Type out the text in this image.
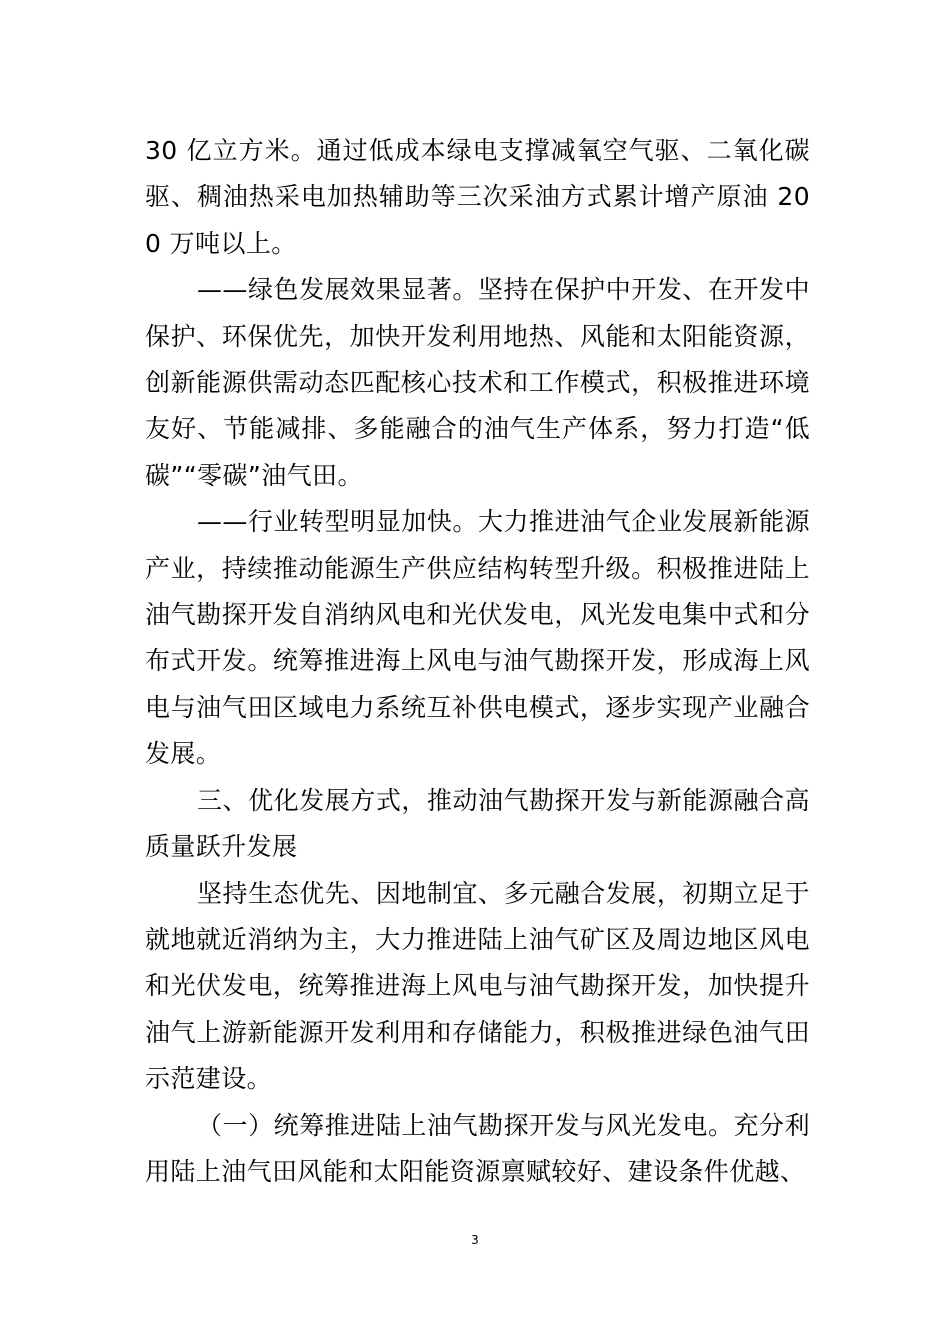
30 亿立方米。通过低成本绿电支撑减氧空气驱、二氧化碳驱、稠油热采电加热辅助等三次采油方式累计增产原油 200 万吨以上。

——绿色发展效果显著。坚持在保护中开发、在开发中保护、环保优先，加快开发利用地热、风能和太阳能资源，创新能源供需动态匹配核心技术和工作模式，积极推进环境友好、节能减排、多能融合的油气生产体系，努力打造“低碳”“零碳”油气田。

——行业转型明显加快。大力推进油气企业发展新能源产业，持续推动能源生产供应结构转型升级。积极推进陆上油气勘探开发自消纳风电和光伏发电，风光发电集中式和分布式开发。统筹推进海上风电与油气勘探开发，形成海上风电与油气田区域电力系统互补供电模式，逐步实现产业融合发展。

三、优化发展方式，推动油气勘探开发与新能源融合高质量跃升发展

坚持生态优先、因地制宜、多元融合发展，初期立足于就地就近消纳为主，大力推进陆上油气矿区及周边地区风电和光伏发电，统筹推进海上风电与油气勘探开发，加快提升油气上游新能源开发利用和存储能力，积极推进绿色油气田示范建设。

（一）统筹推进陆上油气勘探开发与风光发电。充分利用陆上油气田风能和太阳能资源禀赋较好、建设条件优越、

3
